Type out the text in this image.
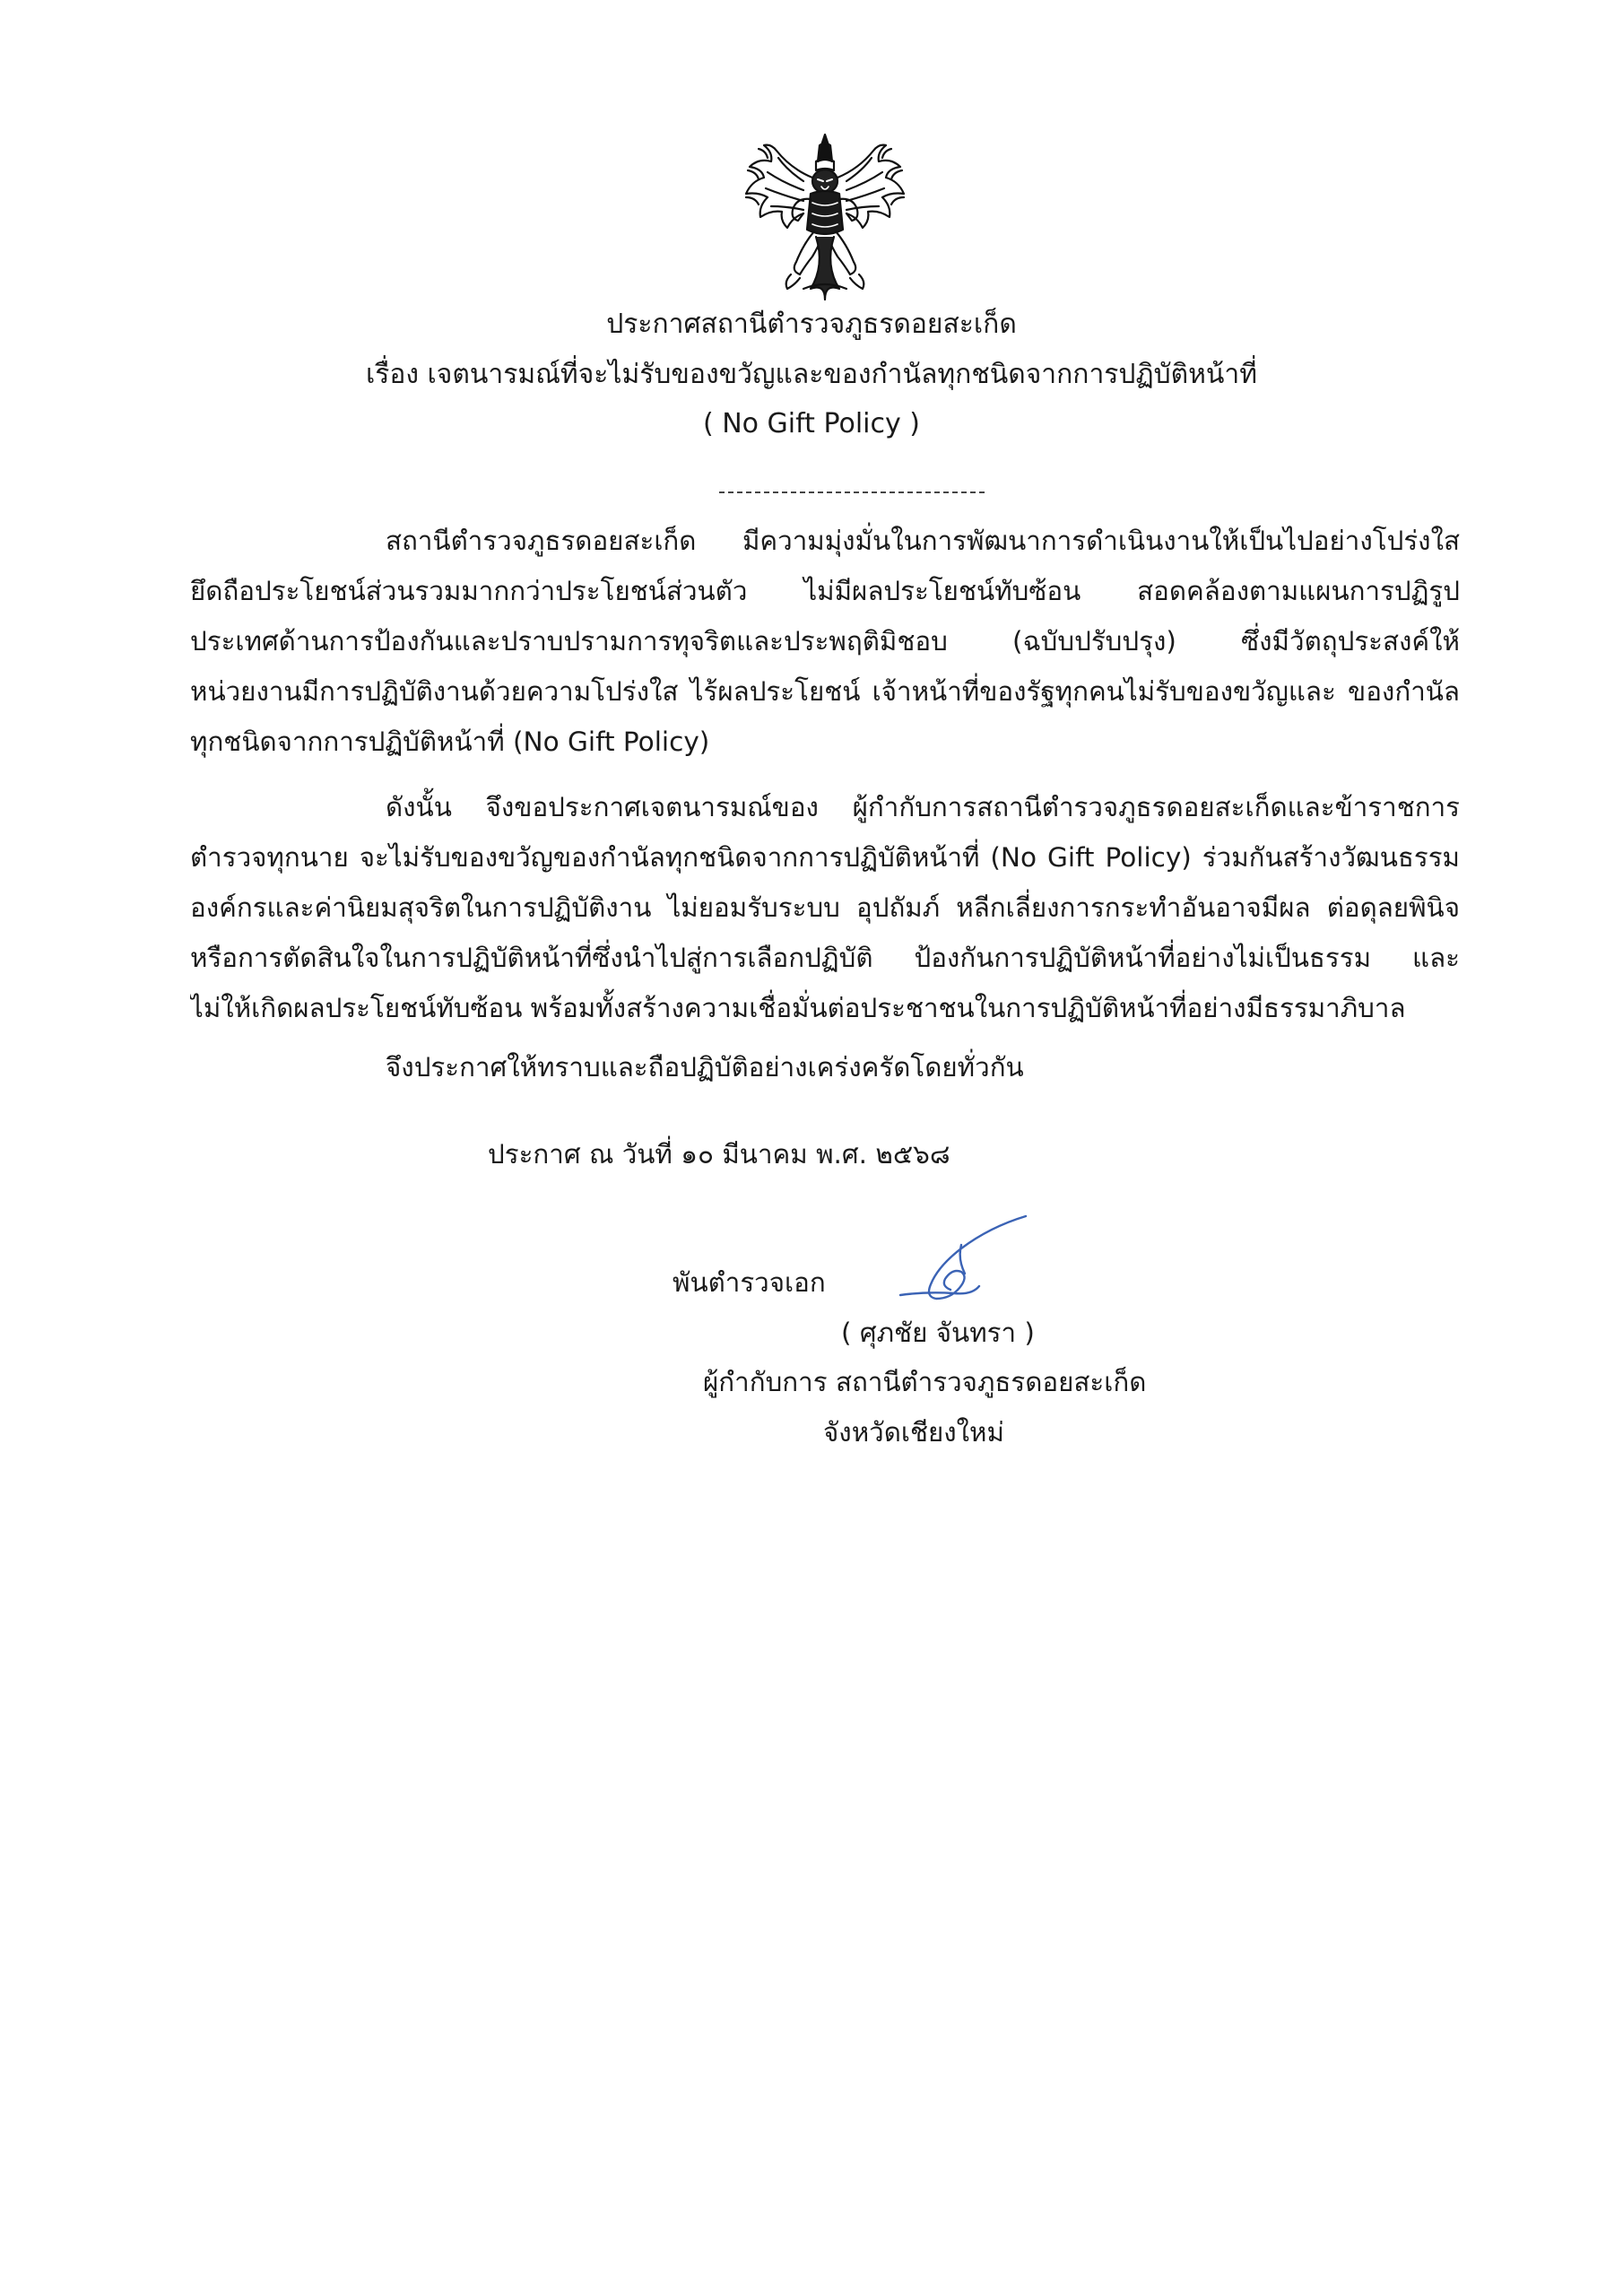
ประกาศสถานีตำรวจภูธรดอยสะเก็ด
เรื่อง เจตนารมณ์ที่จะไม่รับของขวัญและของกำนัลทุกชนิดจากการปฏิบัติหน้าที่
( No Gift Policy )
สถานีตำรวจภูธรดอยสะเก็ด มีความมุ่งมั่นในการพัฒนาการดำเนินงานให้เป็นไปอย่างโปร่งใส
ยึดถือประโยชน์ส่วนรวมมากกว่าประโยชน์ส่วนตัว ไม่มีผลประโยชน์ทับซ้อน สอดคล้องตามแผนการปฏิรูป
ประเทศด้านการป้องกันและปราบปรามการทุจริตและประพฤติมิชอบ (ฉบับปรับปรุง) ซึ่งมีวัตถุประสงค์ให้
หน่วยงานมีการปฏิบัติงานด้วยความโปร่งใส ไร้ผลประโยชน์ เจ้าหน้าที่ของรัฐทุกคนไม่รับของขวัญและ ของกำนัล
ทุกชนิดจากการปฏิบัติหน้าที่ (No Gift Policy)
ดังนั้น จึงขอประกาศเจตนารมณ์ของ ผู้กำกับการสถานีตำรวจภูธรดอยสะเก็ดและข้าราชการ
ตำรวจทุกนาย จะไม่รับของขวัญของกำนัลทุกชนิดจากการปฏิบัติหน้าที่ (No Gift Policy) ร่วมกันสร้างวัฒนธรรม
องค์กรและค่านิยมสุจริตในการปฏิบัติงาน ไม่ยอมรับระบบ อุปถัมภ์ หลีกเลี่ยงการกระทำอันอาจมีผล ต่อดุลยพินิจ
หรือการตัดสินใจในการปฏิบัติหน้าที่ซึ่งนำไปสู่การเลือกปฏิบัติ ป้องกันการปฏิบัติหน้าที่อย่างไม่เป็นธรรม และ
ไม่ให้เกิดผลประโยชน์ทับซ้อน พร้อมทั้งสร้างความเชื่อมั่นต่อประชาชนในการปฏิบัติหน้าที่อย่างมีธรรมาภิบาล
จึงประกาศให้ทราบและถือปฏิบัติอย่างเคร่งครัดโดยทั่วกัน
ประกาศ ณ วันที่ ๑๐ มีนาคม พ.ศ. ๒๕๖๘
พันตำรวจเอก
( ศุภชัย จันทรา )
ผู้กำกับการ สถานีตำรวจภูธรดอยสะเก็ด
จังหวัดเชียงใหม่
